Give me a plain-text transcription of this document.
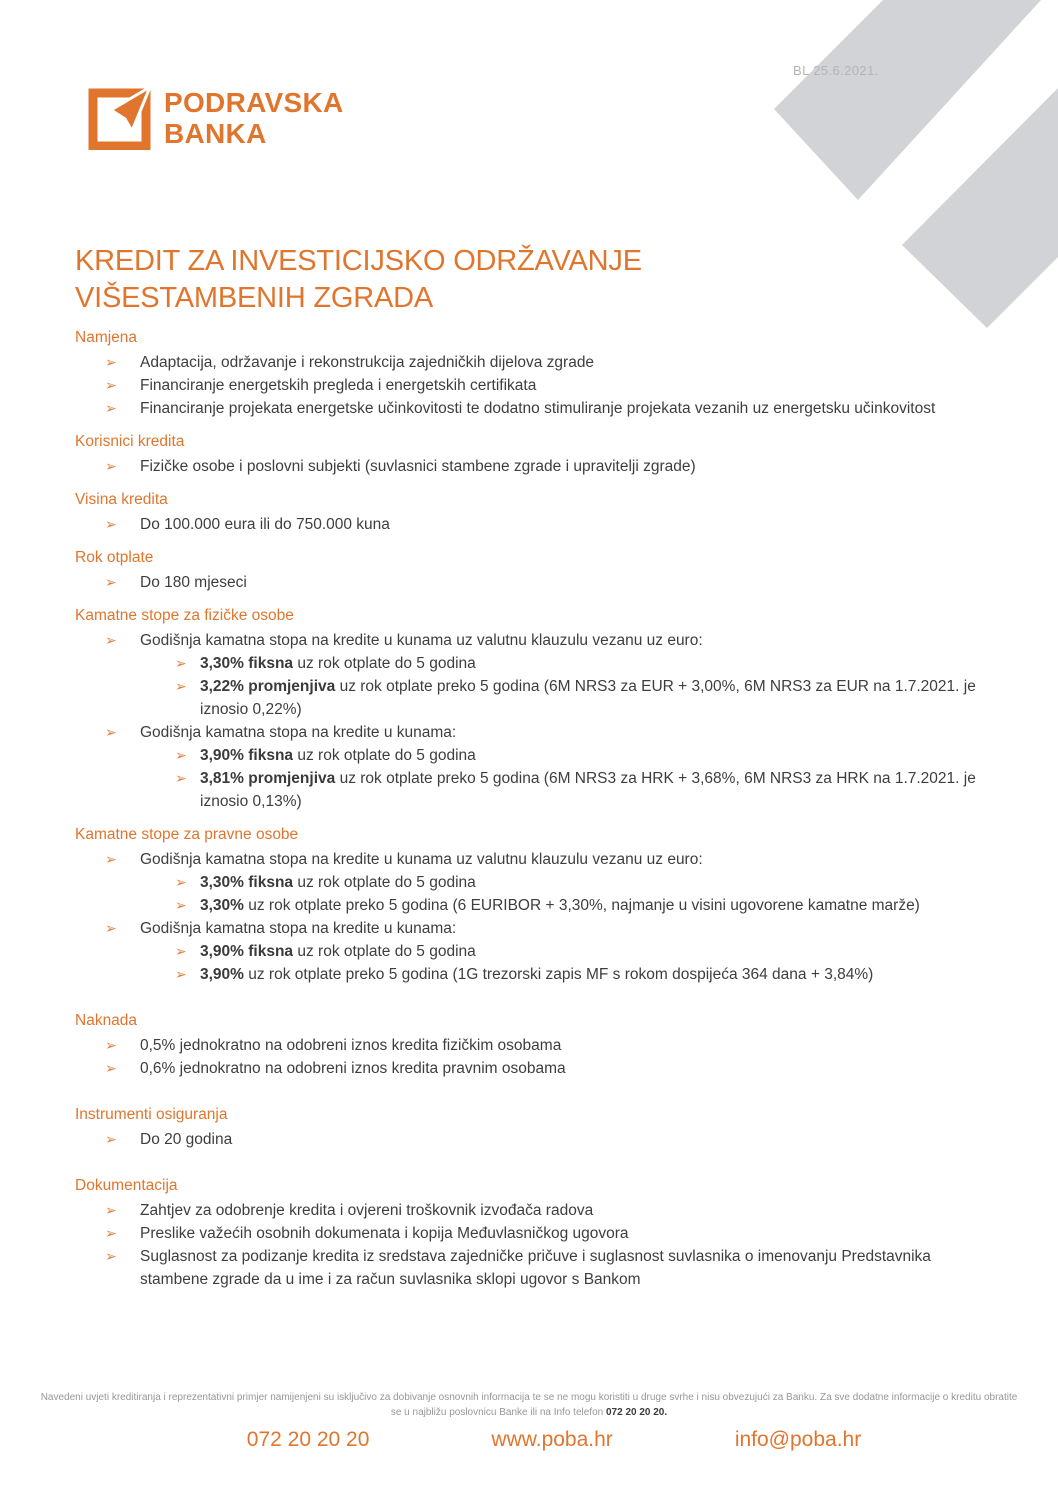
BL 25.6.2021.
PODRAVSKA
BANKA
KREDIT ZA INVESTICIJSKO ODRŽAVANJE
VIŠESTAMBENIH ZGRADA
Namjena
➢ Adaptacija, održavanje i rekonstrukcija zajedničkih dijelova zgrade
➢ Financiranje energetskih pregleda i energetskih certifikata
➢ Financiranje projekata energetske učinkovitosti te dodatno stimuliranje projekata vezanih uz energetsku učinkovitost
Korisnici kredita
➢ Fizičke osobe i poslovni subjekti (suvlasnici stambene zgrade i upravitelji zgrade)
Visina kredita
➢ Do 100.000 eura ili do 750.000 kuna
Rok otplate
➢ Do 180 mjeseci
Kamatne stope za fizičke osobe
➢ Godišnja kamatna stopa na kredite u kunama uz valutnu klauzulu vezanu uz euro:
➢ 3,30% fiksna uz rok otplate do 5 godina
➢ 3,22% promjenjiva uz rok otplate preko 5 godina (6M NRS3 za EUR + 3,00%, 6M NRS3 za EUR na 1.7.2021. je iznosio 0,22%)
➢ Godišnja kamatna stopa na kredite u kunama:
➢ 3,90% fiksna uz rok otplate do 5 godina
➢ 3,81% promjenjiva uz rok otplate preko 5 godina (6M NRS3 za HRK + 3,68%, 6M NRS3 za HRK na 1.7.2021. je iznosio 0,13%)
Kamatne stope za pravne osobe
➢ Godišnja kamatna stopa na kredite u kunama uz valutnu klauzulu vezanu uz euro:
➢ 3,30% fiksna uz rok otplate do 5 godina
➢ 3,30% uz rok otplate preko 5 godina (6 EURIBOR + 3,30%, najmanje u visini ugovorene kamatne marže)
➢ Godišnja kamatna stopa na kredite u kunama:
➢ 3,90% fiksna uz rok otplate do 5 godina
➢ 3,90% uz rok otplate preko 5 godina (1G trezorski zapis MF s rokom dospijeća 364 dana + 3,84%)
Naknada
➢ 0,5% jednokratno na odobreni iznos kredita fizičkim osobama
➢ 0,6% jednokratno na odobreni iznos kredita pravnim osobama
Instrumenti osiguranja
➢ Do 20 godina
Dokumentacija
➢ Zahtjev za odobrenje kredita i ovjereni troškovnik izvođača radova
➢ Preslike važećih osobnih dokumenata i kopija Međuvlasničkog ugovora
➢ Suglasnost za podizanje kredita iz sredstava zajedničke pričuve i suglasnost suvlasnika o imenovanju Predstavnika stambene zgrade da u ime i za račun suvlasnika sklopi ugovor s Bankom

Navedeni uvjeti kreditiranja i reprezentativni primjer namijenjeni su isključivo za dobivanje osnovnih informacija te se ne mogu koristiti u druge svrhe i nisu obvezujući za Banku. Za sve dodatne informacije o kreditu obratite se u najbližu poslovnicu Banke ili na Info telefon 072 20 20 20.

072 20 20 20	www.poba.hr	info@poba.hr
